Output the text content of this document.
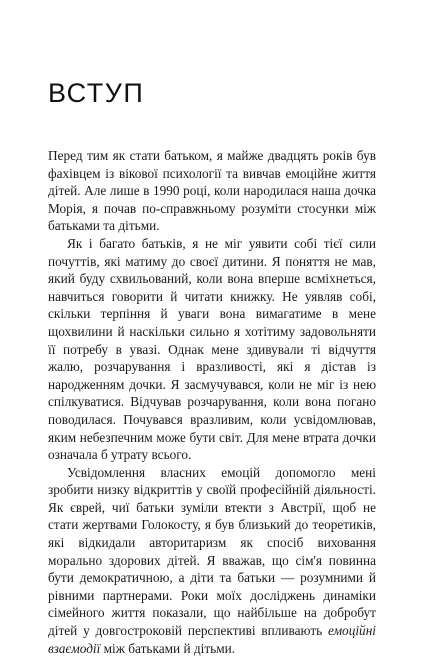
ВСТУП

Перед тим як стати батьком, я майже двадцять років був фахівцем із вікової психології та вивчав емоційне життя дітей. Але лише в 1990 році, коли народилася наша дочка Морія, я почав по-справжньому розуміти стосунки між батьками та дітьми.

Як і багато батьків, я не міг уявити собі тієї сили почуттів, які матиму до своєї дитини. Я поняття не мав, який буду схвильований, коли вона вперше всміхнеться, навчиться говорити й читати книжку. Не уявляв собі, скільки терпіння й уваги вона вимагатиме в мене щохвилини й наскільки сильно я хотітиму задовольняти її потребу в увазі. Однак мене здивували ті відчуття жалю, розчарування і вразливості, які я дістав із народженням дочки. Я засмучувався, коли не міг із нею спілкуватися. Відчував розчарування, коли вона погано поводилася. Почувався вразливим, коли усвідомлював, яким небезпечним може бути світ. Для мене втрата дочки означала б утрату всього.

Усвідомлення власних емоцій допомогло мені зробити низку відкриттів у своїй професійній діяльності. Як єврей, чиї батьки зуміли втекти з Австрії, щоб не стати жертвами Голокосту, я був близький до теоретиків, які відкидали авторитаризм як спосіб виховання морально здорових дітей. Я вважав, що сім'я повинна бути демократичною, а діти та батьки — розумними й рівними партнерами. Роки моїх досліджень динаміки сімейного життя показали, що найбільше на добробут дітей у довгостроковій перспективі впливають емоційні взаємодії між батьками й дітьми.
